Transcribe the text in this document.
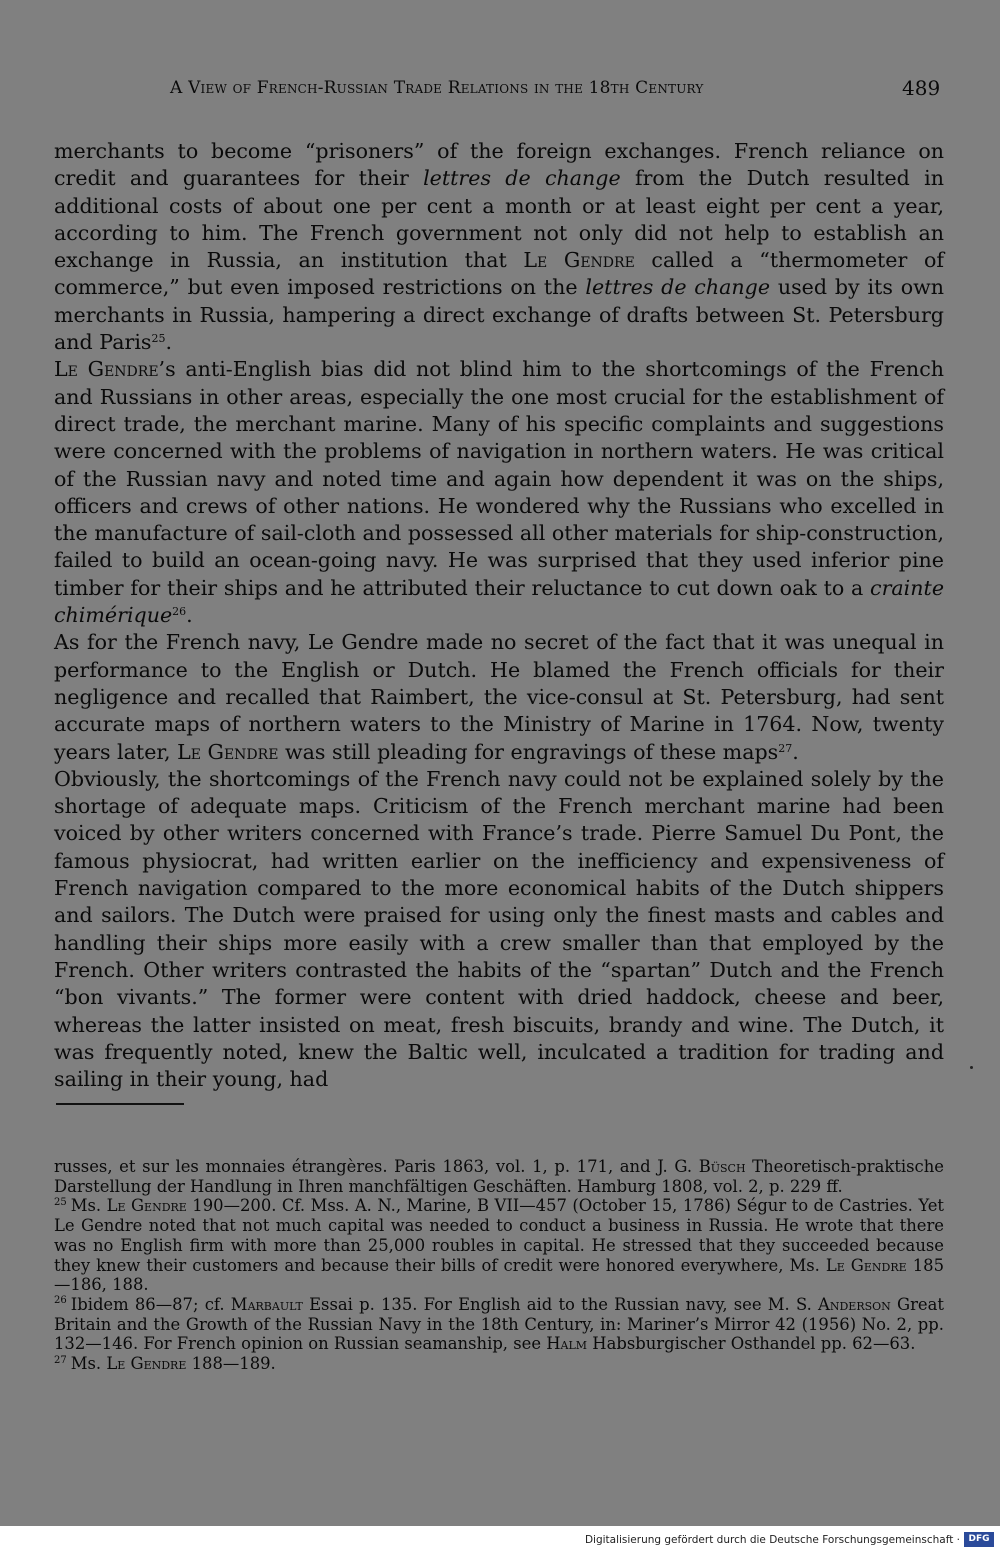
A View of French-Russian Trade Relations in the 18th Century	489

merchants to become “prisoners” of the foreign exchanges. French reliance on credit and guarantees for their lettres de change from the Dutch resulted in additional costs of about one per cent a month or at least eight per cent a year, according to him. The French government not only did not help to establish an exchange in Russia, an institution that Le Gendre called a “thermometer of commerce,” but even imposed restrictions on the lettres de change used by its own merchants in Russia, hampering a direct exchange of drafts between St. Petersburg and Paris$^{25}$.

Le Gendre’s anti-English bias did not blind him to the shortcomings of the French and Russians in other areas, especially the one most crucial for the establishment of direct trade, the merchant marine. Many of his specific complaints and suggestions were concerned with the problems of navigation in northern waters. He was critical of the Russian navy and noted time and again how dependent it was on the ships, officers and crews of other nations. He wondered why the Russians who excelled in the manufacture of sail-cloth and possessed all other materials for ship-construction, failed to build an ocean-going navy. He was surprised that they used inferior pine timber for their ships and he attributed their reluctance to cut down oak to a crainte chimérique$^{26}$.

As for the French navy, Le Gendre made no secret of the fact that it was unequal in performance to the English or Dutch. He blamed the French officials for their negligence and recalled that Raimbert, the vice-consul at St. Petersburg, had sent accurate maps of northern waters to the Ministry of Marine in 1764. Now, twenty years later, Le Gendre was still pleading for engravings of these maps$^{27}$.

Obviously, the shortcomings of the French navy could not be explained solely by the shortage of adequate maps. Criticism of the French merchant marine had been voiced by other writers concerned with France’s trade. Pierre Samuel Du Pont, the famous physiocrat, had written earlier on the inefficiency and expensiveness of French navigation compared to the more economical habits of the Dutch shippers and sailors. The Dutch were praised for using only the finest masts and cables and handling their ships more easily with a crew smaller than that employed by the French. Other writers contrasted the habits of the “spartan” Dutch and the French “bon vivants.” The former were content with dried haddock, cheese and beer, whereas the latter insisted on meat, fresh biscuits, brandy and wine. The Dutch, it was frequently noted, knew the Baltic well, inculcated a tradition for trading and sailing in their young, had

russes, et sur les monnaies étrangères. Paris 1863, vol. 1, p. 171, and J. G. Büsch Theoretisch-praktische Darstellung der Handlung in Ihren manchfältigen Geschäften. Hamburg 1808, vol. 2, p. 229 ff.

$^{25}$ Ms. Le Gendre 190—200. Cf. Mss. A. N., Marine, B VII—457 (October 15, 1786) Ségur to de Castries. Yet Le Gendre noted that not much capital was needed to conduct a business in Russia. He wrote that there was no English firm with more than 25,000 roubles in capital. He stressed that they succeeded because they knew their customers and because their bills of credit were honored everywhere, Ms. Le Gendre 185—186, 188.

$^{26}$ Ibidem 86—87; cf. Marbault Essai p. 135. For English aid to the Russian navy, see M. S. Anderson Great Britain and the Growth of the Russian Navy in the 18th Century, in: Mariner’s Mirror 42 (1956) No. 2, pp. 132—146. For French opinion on Russian seamanship, see Halm Habsburgischer Osthandel pp. 62—63.

$^{27}$ Ms. Le Gendre 188—189.

Digitalisierung gefördert durch die Deutsche Forschungsgemeinschaft · DFG
